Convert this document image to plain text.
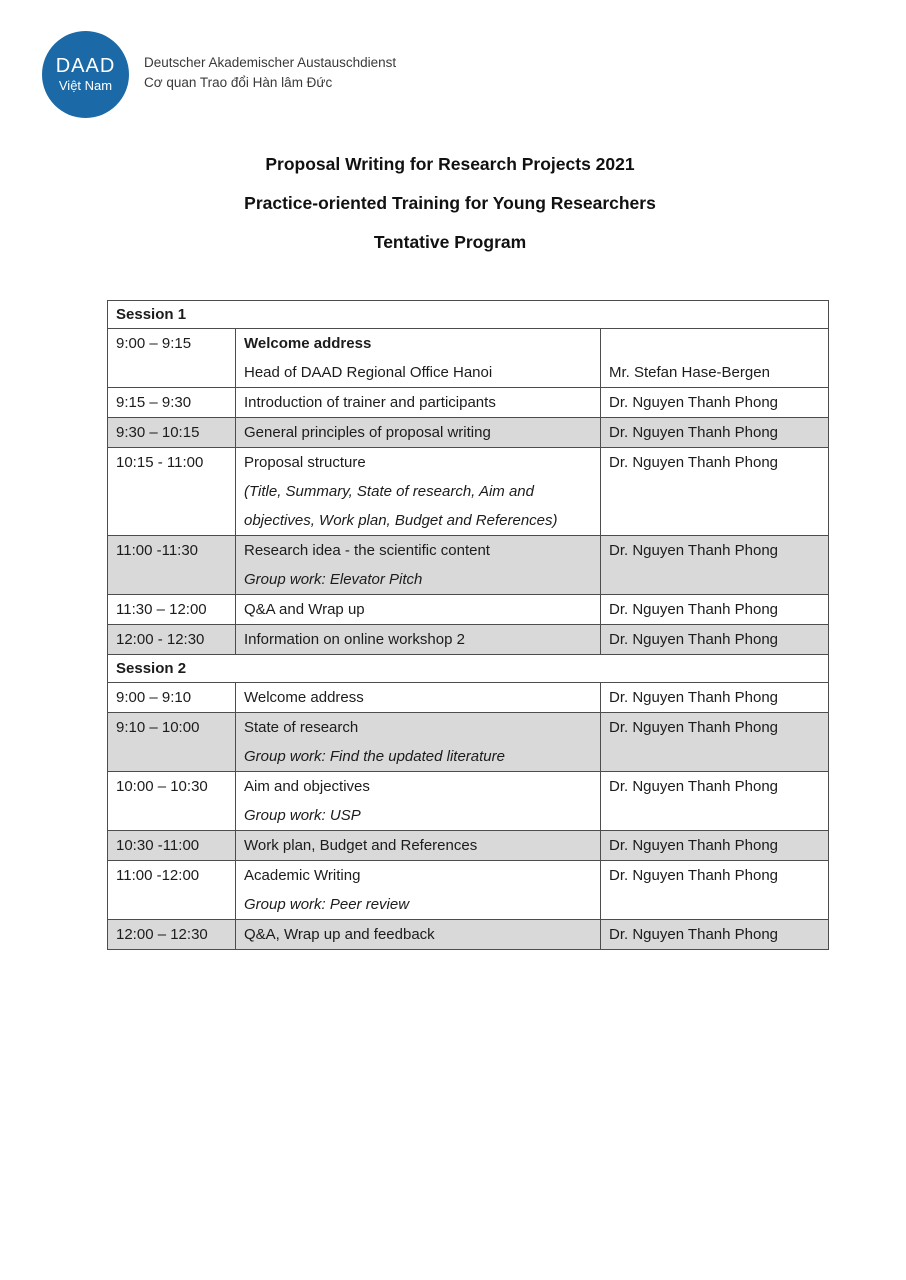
DAAD
Việt Nam
Deutscher Akademischer Austauschdienst
Cơ quan Trao đổi Hàn lâm Đức
Proposal Writing for Research Projects 2021
Practice-oriented Training for Young Researchers
Tentative Program
Session 1		

9:00 – 9:15	Welcome address
Head of DAAD Regional Office Hanoi	Mr. Stefan Hase-Bergen

9:15 – 9:30	Introduction of trainer and participants	Dr. Nguyen Thanh Phong

9:30 – 10:15	General principles of proposal writing	Dr. Nguyen Thanh Phong

10:15 - 11:00	Proposal structure
(Title, Summary, State of research, Aim and
objectives, Work plan, Budget and References)	Dr. Nguyen Thanh Phong

11:00 -11:30	Research idea - the scientific content
Group work: Elevator Pitch	Dr. Nguyen Thanh Phong

11:30 – 12:00	Q&A and Wrap up	Dr. Nguyen Thanh Phong

12:00 - 12:30	Information on online workshop 2	Dr. Nguyen Thanh Phong

Session 2		

9:00 – 9:10	Welcome address	Dr. Nguyen Thanh Phong

9:10 – 10:00	State of research
Group work: Find the updated literature	Dr. Nguyen Thanh Phong

10:00 – 10:30	Aim and objectives
Group work: USP	Dr. Nguyen Thanh Phong

10:30 -11:00	Work plan, Budget and References	Dr. Nguyen Thanh Phong

11:00 -12:00	Academic Writing
Group work: Peer review	Dr. Nguyen Thanh Phong

12:00 – 12:30	Q&A, Wrap up and feedback	Dr. Nguyen Thanh Phong
